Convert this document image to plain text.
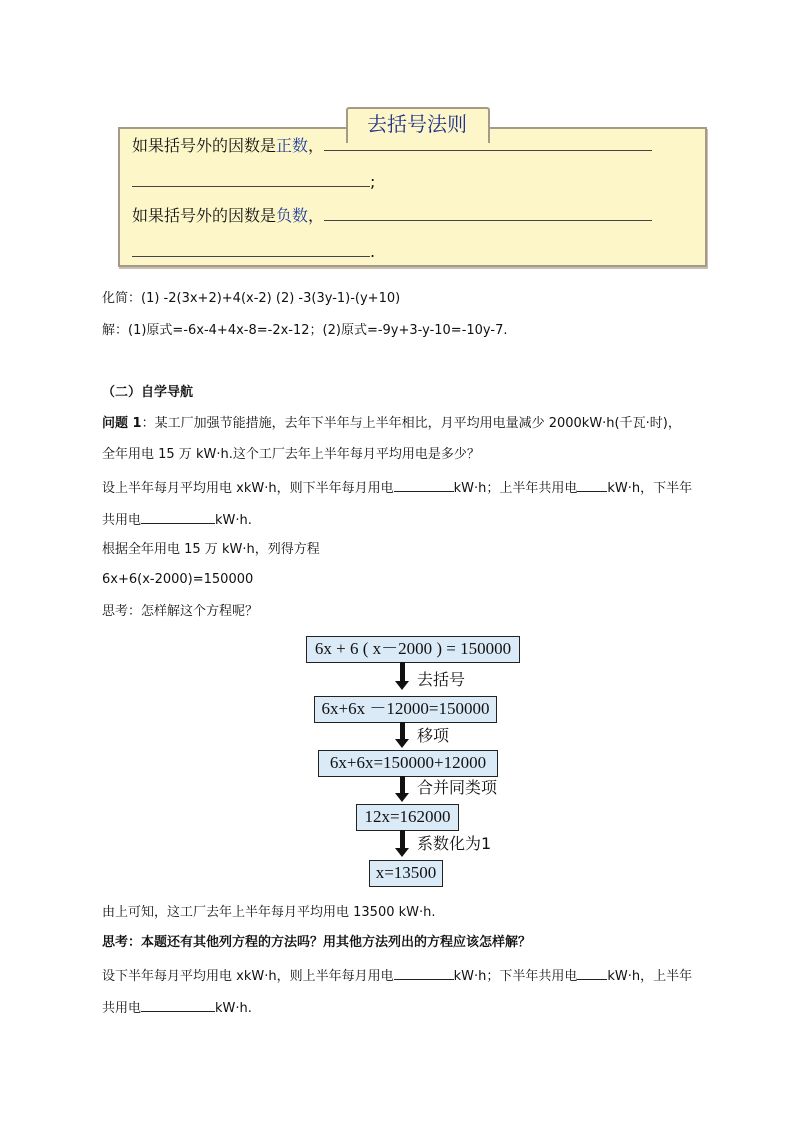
去括号法则
如果括号外的因数是正数，
;
如果括号外的因数是负数，
.
化简：(1) -2(3x+2)+4(x-2) (2) -3(3y-1)-(y+10)
解：(1)原式=-6x-4+4x-8=-2x-12；(2)原式=-9y+3-y-10=-10y-7.
（二）自学导航
问题 1：某工厂加强节能措施，去年下半年与上半年相比，月平均用电量减少 2000kW·h(千瓦·时)，
全年用电 15 万 kW·h.这个工厂去年上半年每月平均用电是多少？
设上半年每月平均用电 xkW·h，则下半年每月用电	kW·h；上半年共用电 kW·h，下半年
共用电	kW·h.
根据全年用电 15 万 kW·h，列得方程
6x+6(x-2000)=150000
思考：怎样解这个方程呢？
6x + 6 ( x－2000 ) = 150000
去括号
6x+6x －12000=150000
移项
6x+6x=150000+12000
合并同类项
12x=162000
系数化为1
x=13500
由上可知，这工厂去年上半年每月平均用电 13500 kW·h.
思考：本题还有其他列方程的方法吗？用其他方法列出的方程应该怎样解？
设下半年每月平均用电 xkW·h，则上半年每月用电	kW·h；下半年共用电 kW·h，上半年
共用电	kW·h.
